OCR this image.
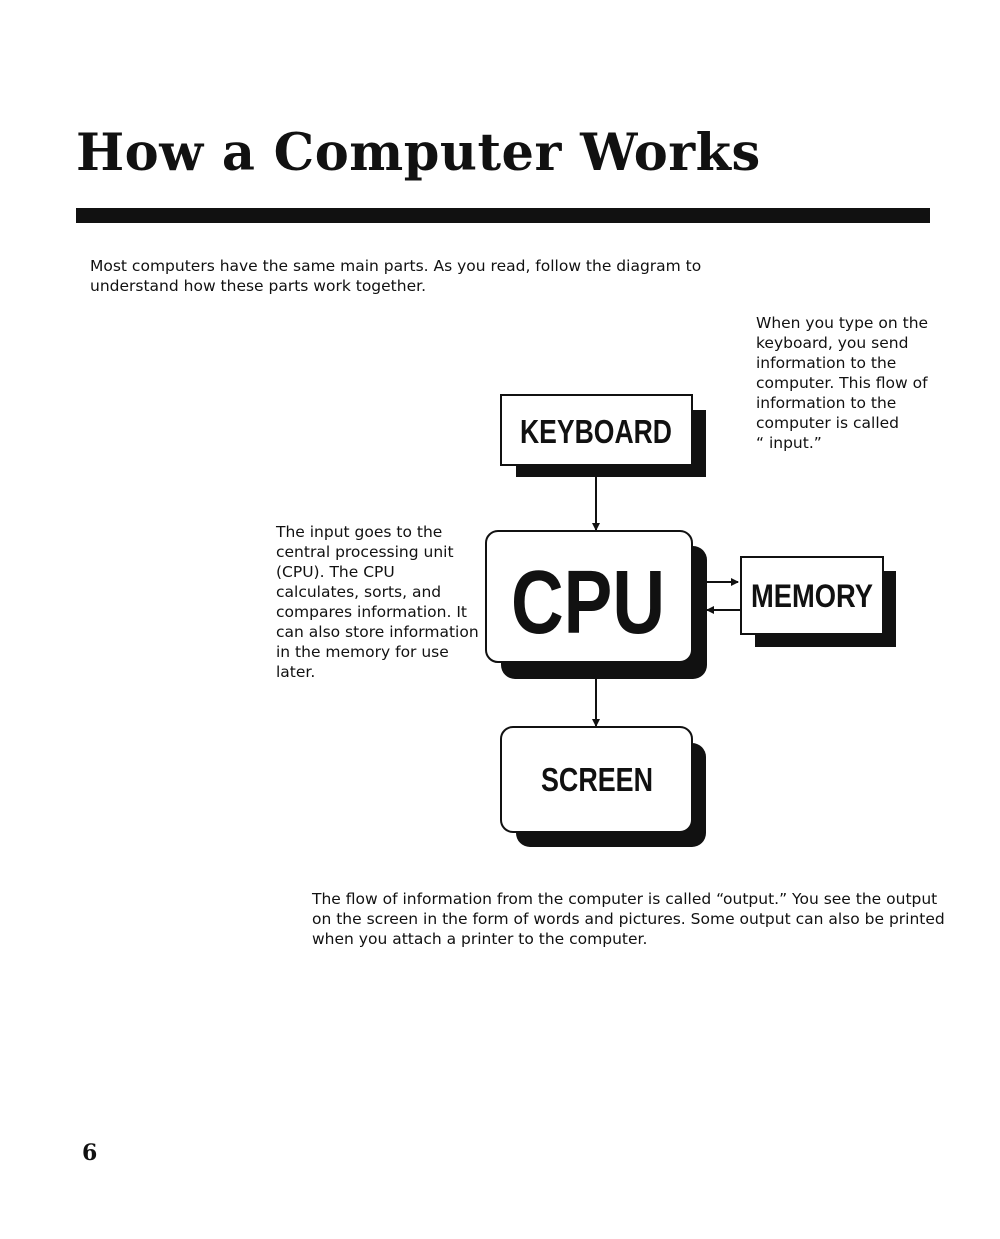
How a Computer Works

Most computers have the same main parts. As you read, follow the diagram to
understand how these parts work together.

When you type on the
keyboard, you send
information to the
computer. This flow of
information to the
computer is called
“ input.”

The input goes to the
central processing unit
(CPU). The CPU
calculates, sorts, and
compares information. It
can also store information
in the memory for use
later.

KEYBOARD
CPU	MEMORY
SCREEN

The flow of information from the computer is called “output.” You see the output
on the screen in the form of words and pictures. Some output can also be printed
when you attach a printer to the computer.

6
